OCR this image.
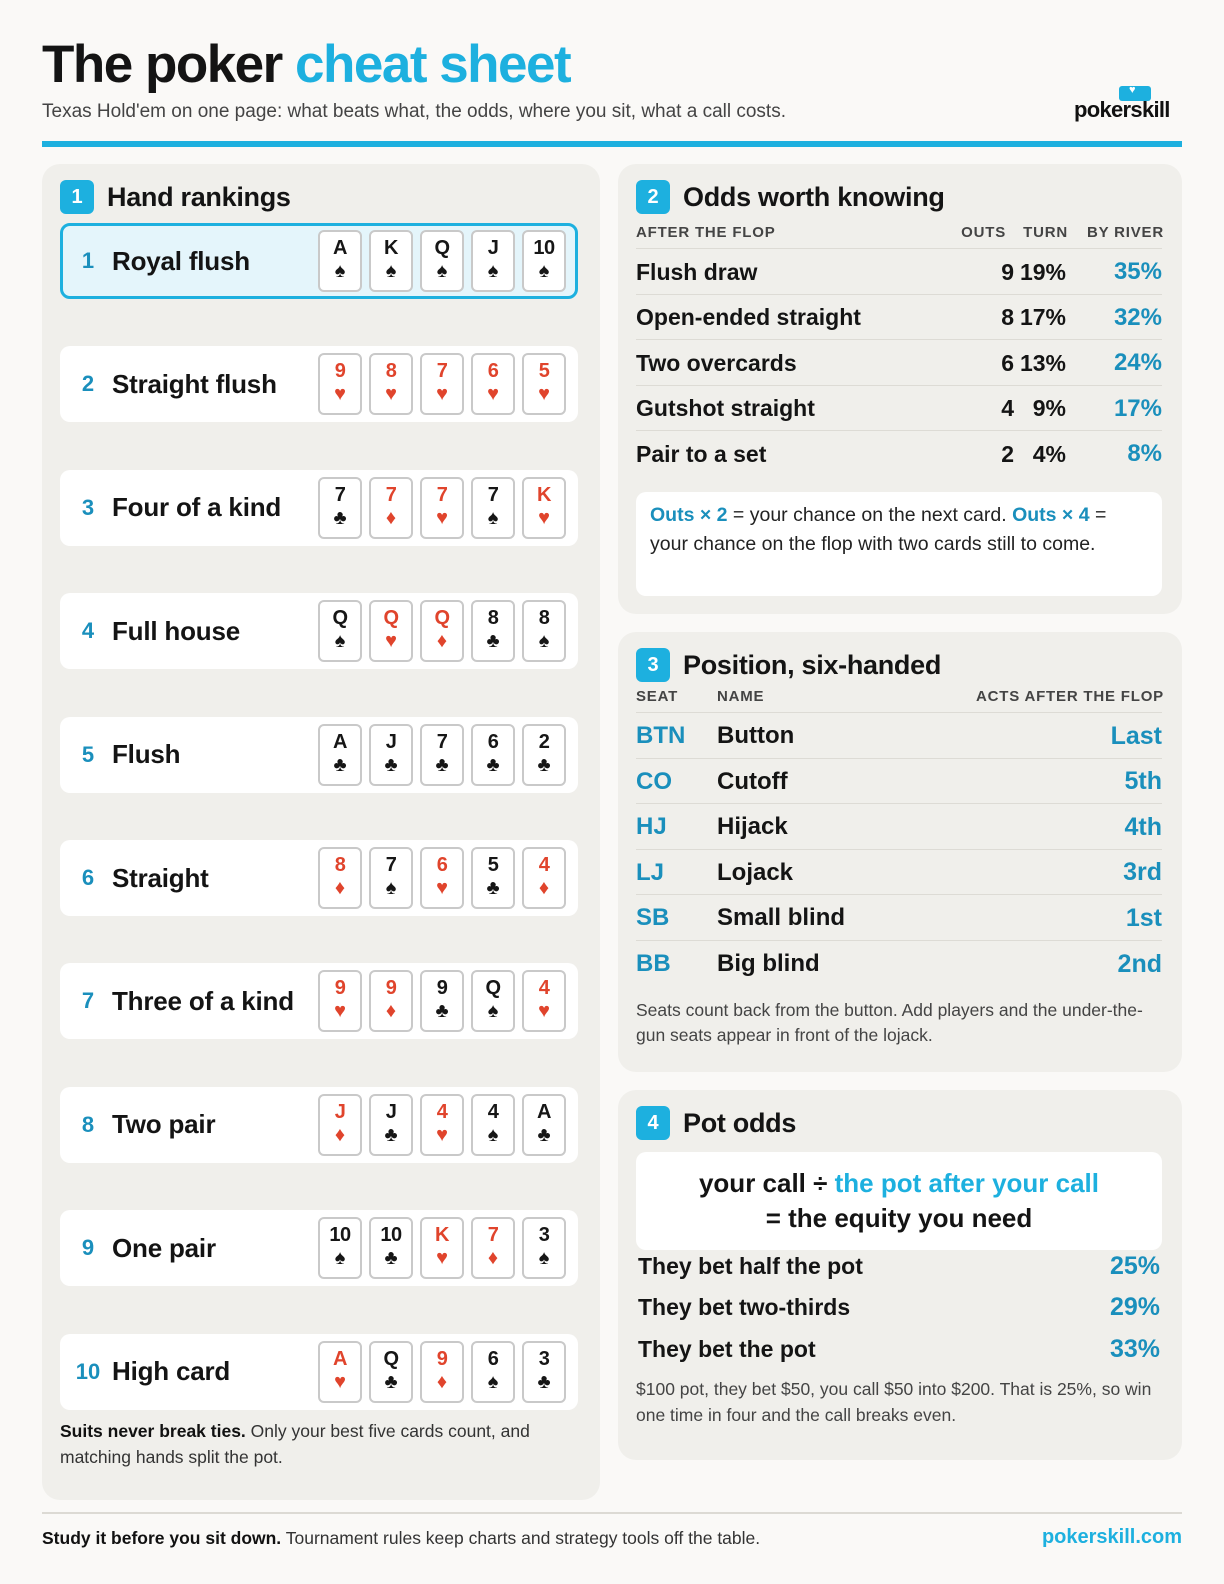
The poker cheat sheet
Texas Hold'em on one page: what beats what, the odds, where you sit, what a call costs.
♥
pokerskill
1 Hand rankings
1 Royal flush	A
♠
K
♠
Q
♠
J
♠
10
♠
2 Straight flush	9
♥
8
♥
7
♥
6
♥
5
♥
3 Four of a kind	7
♣
7
♦
7
♥
7
♠
K
♥
4 Full house	Q
♠
Q
♥
Q
♦
8
♣
8
♠
5 Flush	A
♣
J
♣
7
♣
6
♣
2
♣
6 Straight	8
♦
7
♠
6
♥
5
♣
4
♦
7 Three of a kind 9
♥
9
♦
9
♣
Q
♠
4
♥
8 Two pair	J
♦
J
♣
4
♥
4
♠
A
♣
9 One pair	10
♠
10
♣
K
♥
7
♦
3
♠
10 High card	A
♥
Q
♣
9
♦
6
♠
3
♣
Suits never break ties. Only your best five cards count, and matching hands split the pot.
2 Odds worth knowing
AFTER THE FLOP	OUTS TURN BY RIVER
Flush draw	9 19% 35%
Open-ended straight	8 17% 32%
Two overcards	6 13% 24%
Gutshot straight	4 9% 17%
Pair to a set	2 4%	8%
Outs × 2 = your chance on the next card. Outs × 4 = your chance on the flop with two cards still to come.
3 Position, six-handed
SEAT	NAME	ACTS AFTER THE FLOP
BTN Button	Last
CO Cutoff	5th
HJ Hijack	4th
LJ Lojack	3rd
SB Small blind	1st
BB Big blind	2nd
Seats count back from the button. Add players and the under-the-gun seats appear in front of the lojack.
4 Pot odds
your call ÷ the pot after your call
= the equity you need
They bet half the pot	25%
They bet two-thirds	29%
They bet the pot	33%
$100 pot, they bet $50, you call $50 into $200. That is 25%, so win one time in four and the call breaks even.
Study it before you sit down. Tournament rules keep charts and strategy tools off the table.	pokerskill.com
